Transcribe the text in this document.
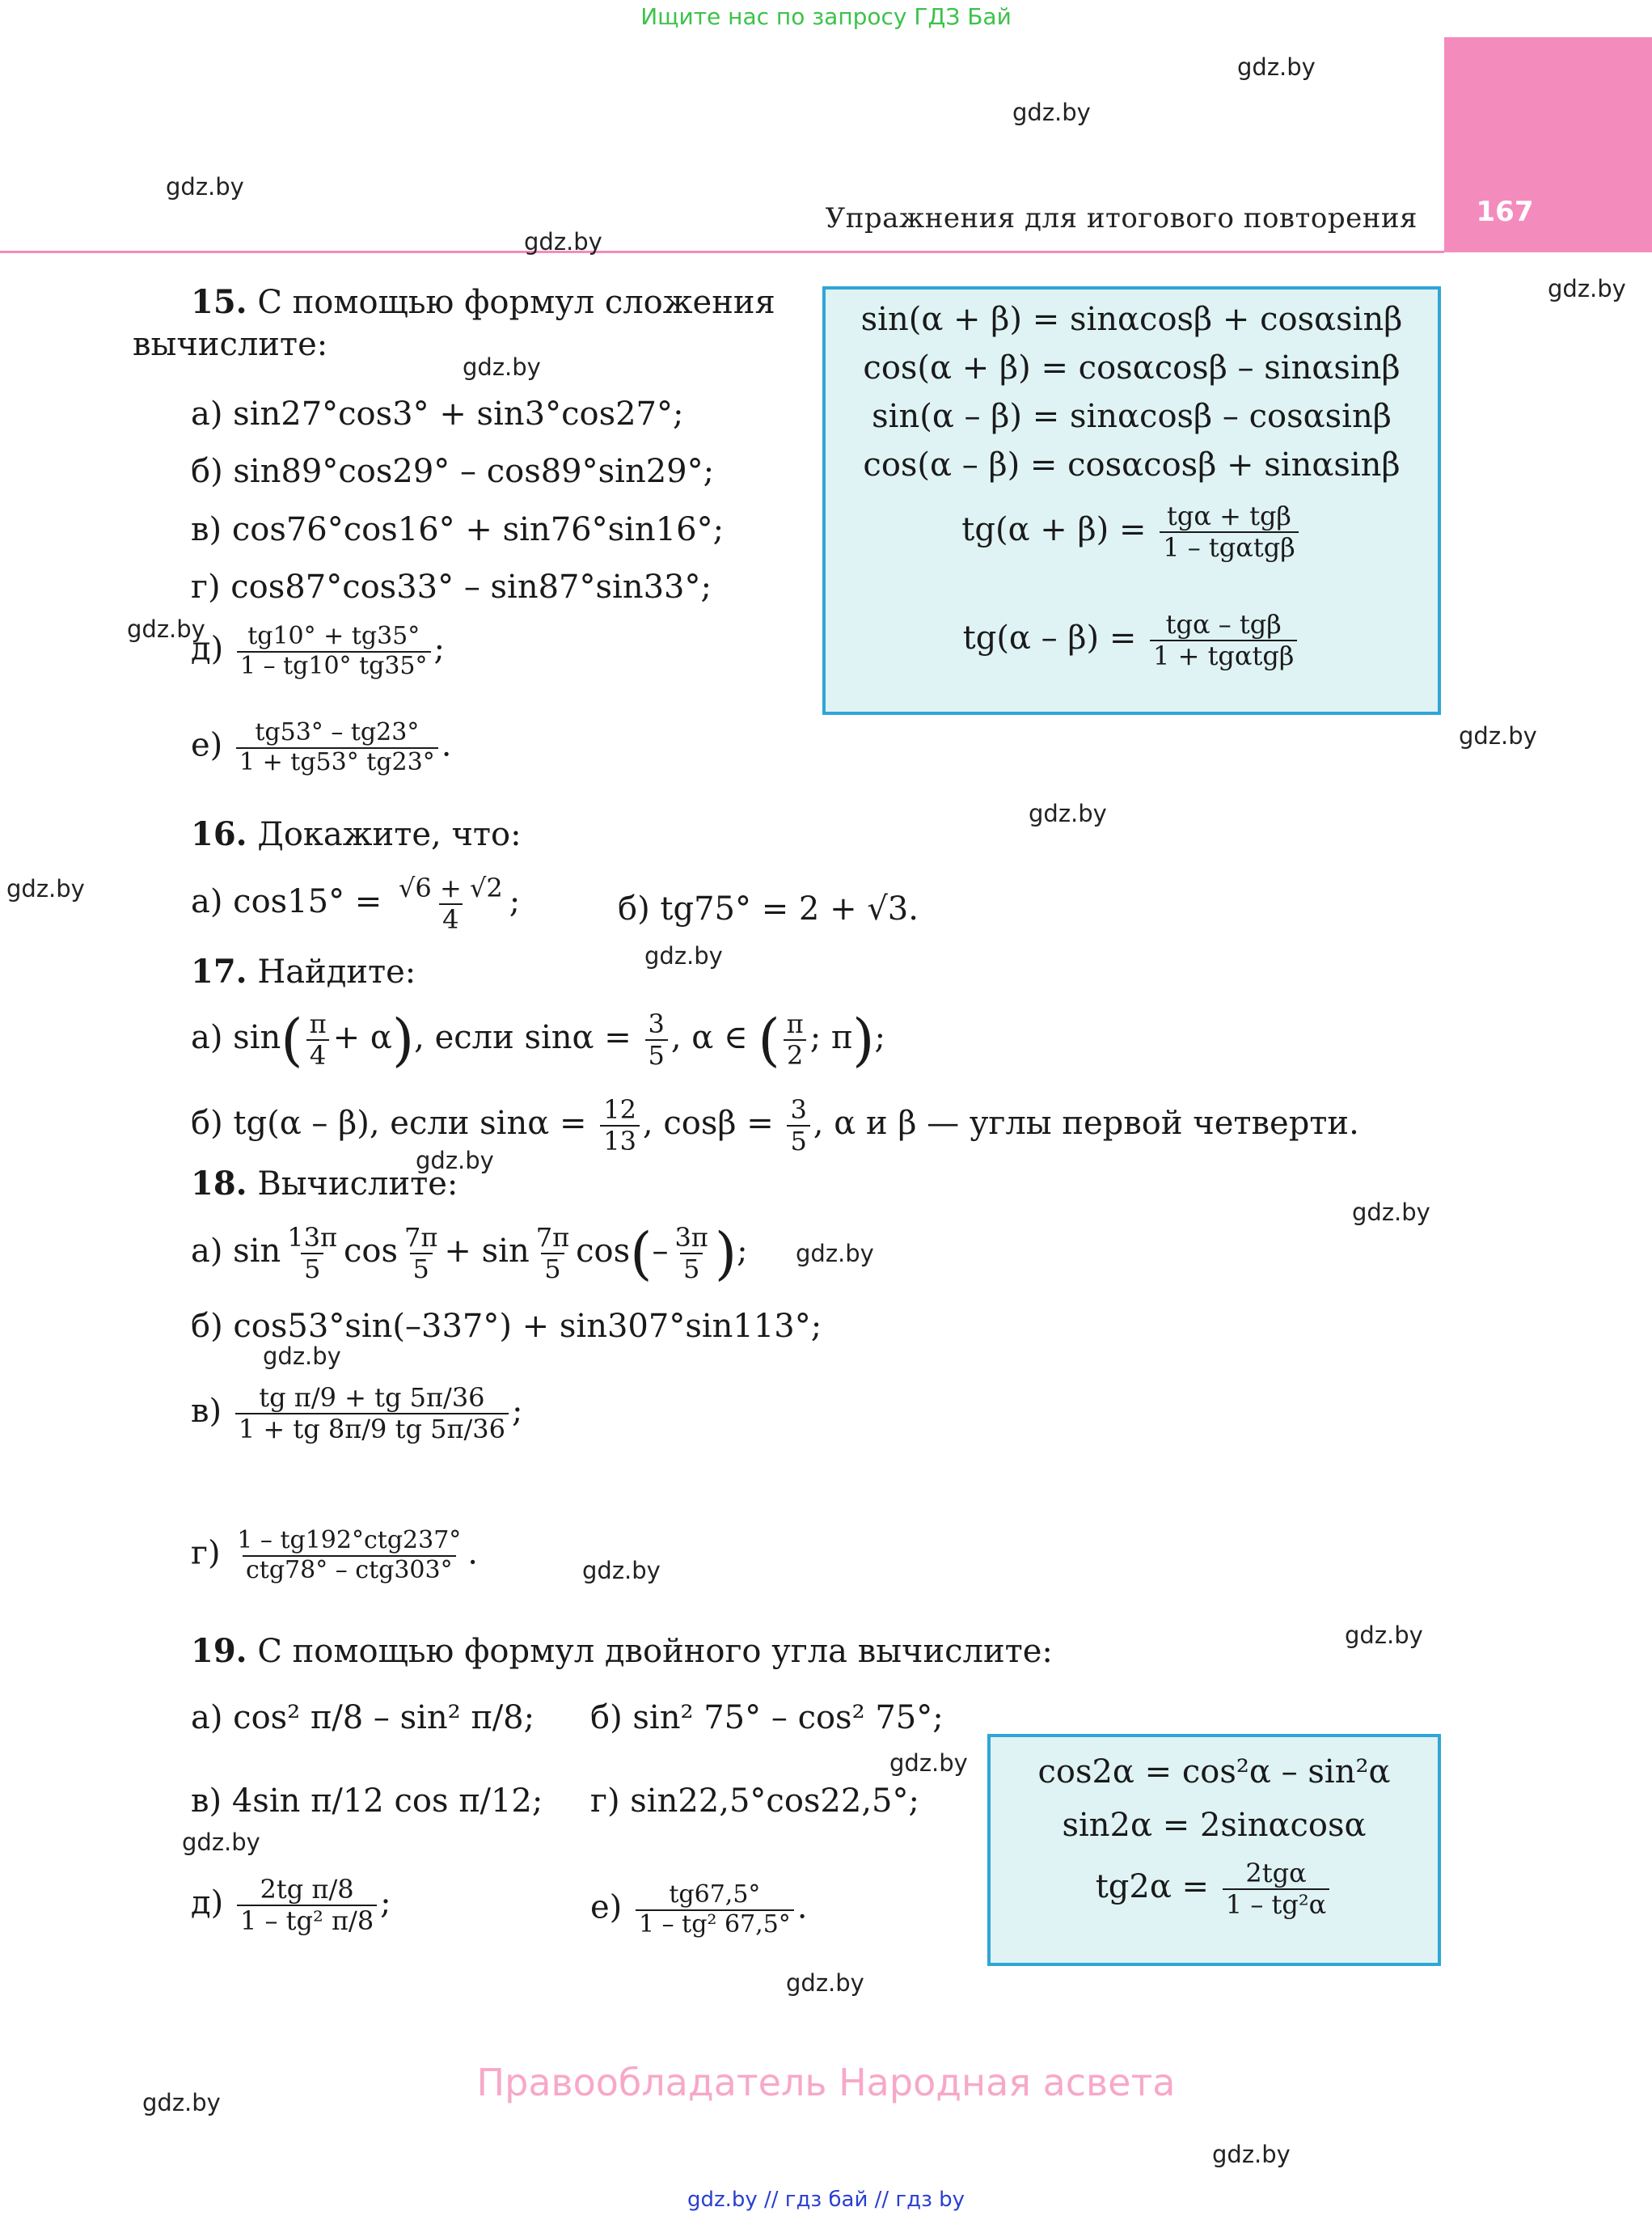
Ищите нас по запросу ГДЗ Бай
167
Упражнения для итогового повторения
gdz.by
gdz.by
gdz.by
gdz.by
gdz.by
gdz.by
gdz.by
gdz.by
gdz.by
gdz.by
gdz.by
gdz.by
gdz.by
gdz.by
gdz.by
gdz.by
gdz.by
gdz.by
gdz.by
gdz.by
gdz.by
gdz.by
15. С помощью формул сложения
вычислите:
а) sin27°cos3° + sin3°cos27°;
б) sin89°cos29° – cos89°sin29°;
в) cos76°cos16° + sin76°sin16°;
г) cos87°cos33° – sin87°sin33°;
$д) \frac{tg10^\circ + tg35^\circ}{1 - tg10^\circ tg35^\circ}$ ;
$е) \frac{tg53^\circ - tg23^\circ}{1 + tg53^\circ tg23^\circ}$ .
sin(α + β) = sinαcosβ + cosαsinβ
cos(α + β) = cosαcosβ – sinαsinβ
sin(α – β) = sinαcosβ – cosαsinβ
cos(α – β) = cosαcosβ + sinαsinβ
$tg(\alpha + \beta) = \frac{\text{tgα + tgβ}}{\text{1 – tgαtgβ}}$
$tg(\alpha - \beta) = \frac{\text{tgα – tgβ}}{\text{1 + tgαtgβ}}$
16. Докажите, что:
а) $\cos 15^\circ = \frac{√6 + √2}{4}$ ;	б) tg75° = 2 + √3.
17. Найдите:
а) $\sin( \frac{\pi}{4} + \alpha)$, если $\sin\alpha = \frac{3}{5}$ , α ∈ ( $\frac{\pi}{2}$ ; π);
б) tg(α – β), если $\sin\alpha = \frac{12}{13}$ , $\cos\beta = \frac{3}{5}$ , α и β — углы первой четверти.
18. Вычислите:
а) $\sin \frac{13\pi}{5}$ $\cos \frac{7\pi}{5} + \sin \frac{7\pi}{5} \cos(- \frac{3\pi}{5}$ );
б) cos53°sin(–337°) + sin307°sin113°;
$в) \frac{\text{tg π/9 + tg 5π/36}}{1 + tg 8\pi/9 tg 5\pi/36}$ ;
$г) \frac{\text{1 – tg192°ctg237°}}{\text{ctg78° – ctg303°}}$ .
19. С помощью формул двойного угла вычислите:
а) cos² π/8 – sin² π/8; б) sin² 75° – cos² 75°;
в) 4sin π/12 cos π/12; г) sin22,5°cos22,5°;
$д) \frac{\text{2tg π/8}}{\text{1 – tg² π/8}}$ ;	$е) \frac{tg67,5^\circ}{\text{1 – tg² 67,5°}}$ .
cos2α = cos²α – sin²α
sin2α = 2sinαcosα
$tg2\alpha = \frac{\text{2tgα}}{\text{1 – tg²α}}$
Правообладатель Народная асвета
gdz.by // гдз бай // гдз by
